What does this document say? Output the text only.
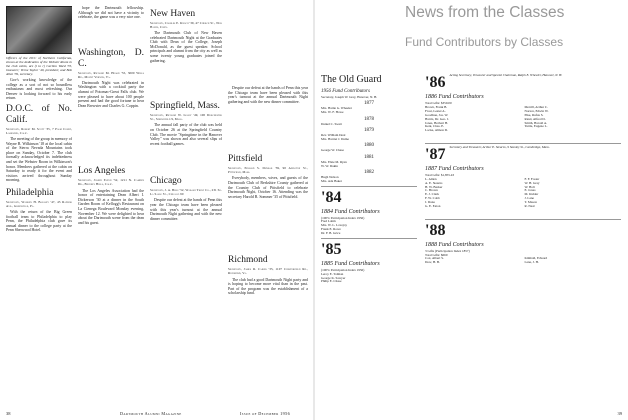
Officers of the DCC of Northern California, shown at the dedication of the Webster Room in the club cabin, are (l to r) Carlton Ward '35, treasurer; Verne Taylor '49, president; and Bob Allen '39, secretary.

Gov's working knowledge of the college as a sort of not so boundless enthusiasm and most refreshing. Our Denver is looking forward to his early return.

D.O.C. of No. Calif.
Secretary, Robert M. Scott '35, 7 Palm Court, Larkspur, Calif.

The meeting of the group in memory of Wayne B. Wilkinson '18 at the local cabin of the Sierra Nevada Mountains took place on Sunday, October 7. The club formally acknowledged its indebtedness and set the Webster Room in Wilkinson's honor. Members gathered at the cabin on Saturday to ready it for the event and visitors arrived throughout Sunday morning.

Philadelphia
Secretary, Warren H. Balsley '47, 45 Radnor Ave., Greenville, Pa.

With the return of the Big Green football team to Philadelphia to play Penn, the Philadelphia club gave its annual dinner to the college party at the Penn Sherwood Hotel.

hope the Dartmouth fellowship. Although we did not have a vicinity to celebrate, the game was a very nice one.

Washington, D. C.
Secretary, Richard M. Heard '55, 3000 Wills Rd., Mount Vernon, Va.

Dartmouth Night was celebrated in Washington with a cocktail party the alumni of Potomac-Great Falls club. We were pleased to have about 100 people present and had the good fortune to hear Dean Brewster and Charles G. Coppin.

Los Angeles
Secretary, Joseph Eaton '52, 1211 N. Camden Dr., Beverly Hills, Calif.

The Los Angeles Association had the honor of entertaining Dean Albert I. Dickerson '30 at a dinner in the South Garden Room of Kellogg's Restaurant on La Cienega Boulevard Monday evening, November 12. We were delighted to hear about the Dartmouth scene from the dean and his guest.

New Haven
Secretary, Charles E. Knoch '39, 47 Church St., New Haven, Conn.

The Dartmouth Club of New Haven celebrated Dartmouth Night at the Graduates Club with Dean of the College, Joseph McDonald, as the guest speaker. School principals and alumni from the city as well as some twenty young graduates joined the gathering.

Springfield, Mass.
Secretary, Richard W. Leahy '49, 100 Dorchester St., Springfield 9, Mass.

The annual fall party of the club was held on October 26 at the Springfield Country Club. The movie "Springtime in the Hanover Valley" was shown and also several slips of recent football games.

Chicago
Secretary, J. A. Berg '52, Wabash Trust Co., 231 So. La Salle St., Chicago 90

Despite our defeat at the hands of Penn this year the Chicago team have been pleased with this year's turnout at the annual Dartmouth Night gathering and with the new dinner committee.

Despite our defeat at the hands of Penn this year the Chicago team have been pleased with this year's turnout at the annual Dartmouth Night gathering and with the new dinner committee.

Pittsfield
Secretary, Edward S. Dunbar '39, 90 Appleton St., Pittsfield, Mass.

Everybody, members, wives, and guests of the Dartmouth Club of Berkshire County gathered at the Country Club of Pittsfield to celebrate Dartmouth Night, October 16. Attending was the secretary Harold B. Sommer '35 of Pittsfield.

Richmond
Secretary, James R. Cairns '35, 1107 Chesterfield Rd., Richmond, Va.

The club had a good Dartmouth Night party and is hoping to become more vital than in the past. Part of the program was the establishment of a scholarship fund.

38	Dartmouth Alumni Magazine	Issue of December 1956
News from the Classes
Fund Contributors by Classes
The Old Guard
1956 Fund Contributors
Secretary, Joseph W. Gray, Hanover, N. H.
1877
Mrs. Hattie G. Wheeler
Mrs. W. F. Howe
1878
Daniel C. Swett
1879
Rev. William Deal
Mrs. Harriet J. Dame
1880
George W. Chase
1881
Mrs. Elsie M. Ryan
W. W. Dakin
1882
Hugh Nelson
Mrs. Ada Baker
'84
1884 Fund Contributors
(100% Participation Index 1956)
Fred Lohm
Mrs. W. L. Lovejoy
Frank E. Rowe
Dr. F. B. Grice
'85
1885 Fund Contributors
(100% Participation Index 1956)
Leroy E. Tolman
George K. Sawyer
Philip E. Chase
'86 Acting Secretary, Treasurer and Special Chairman, Ralph E. Wheeler, Hanover, N. H.
1886 Fund Contributors
Total Gifts: $350.00
Brown, Frank B.
Frost, Lester A.
Goodhue, Jos. W.
Harris, Dr. Geo. J.
Jones, Herbert H.
Kent, Chas. E.
Locke, Almon D.
Merrill, Arthur C.
Norton, Edwin W.
Pike, Rufus S.
Rand, Alfred D.
Smith, Harold A.
Tuttle, Eugene L.
'87 Secretary and Treasurer, Arthur E. Stearns, 9 Stanley St., Cambridge, Mass.
1887 Fund Contributors
Total Gifts: $1,855.43
L. Alden
A. E. Stearns
H. W. Barker
C. Brown
E. J. Clark
F. W. Cobb
J. Dana
G. E. Eaton
F. F. Foster
W. H. Gray
W. Holt
E. Jones
M. Kidder
J. Lane
T. Mason
R. Neal
'88
1888 Fund Contributors
3 Gifts (Participation Index 1857)
Total Gifts: $660
Cox, Albert S.
Dow, H. B.
Kimball, Edward
Lane, J. H.
39
